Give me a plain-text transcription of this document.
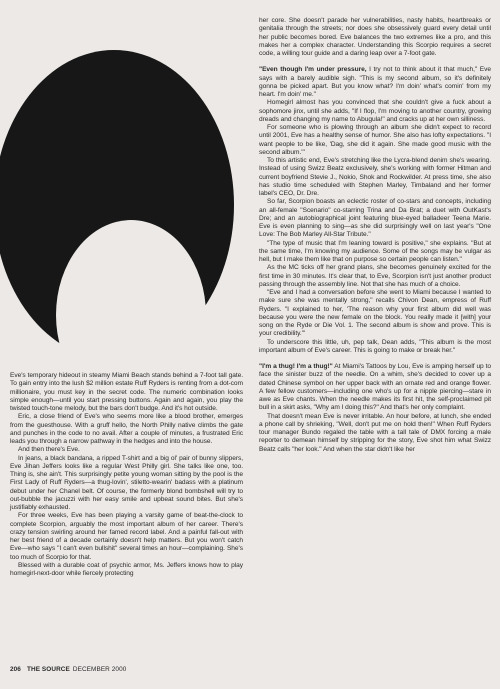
Eve's temporary hideout in steamy Miami Beach stands behind a 7-foot tall gate. To gain entry into the lush $2 million estate Ruff Ryders is renting from a dot-com millionaire, you must key in the secret code. The numeric combination looks simple enough—until you start pressing buttons. Again and again, you play the twisted touch-tone melody, but the bars don't budge. And it's hot outside.

Eric, a close friend of Eve's who seems more like a blood brother, emerges from the guesthouse. With a gruff hello, the North Philly native climbs the gate and punches in the code to no avail. After a couple of minutes, a frustrated Eric leads you through a narrow pathway in the hedges and into the house.

And then there's Eve.

In jeans, a black bandana, a ripped T-shirt and a big ol' pair of bunny slippers, Eve Jihan Jeffers looks like a regular West Philly girl. She talks like one, too. Thing is, she ain't. This surprisingly petite young woman sitting by the pool is the First Lady of Ruff Ryders—a thug-lovin', stiletto-wearin' badass with a platinum debut under her Chanel belt. Of course, the formerly blond bombshell will try to out-bubble the jacuzzi with her easy smile and upbeat sound bites. But she's justifiably exhausted.

For three weeks, Eve has been playing a varsity game of beat-the-clock to complete Scorpion, arguably the most important album of her career. There's crazy tension swirling around her famed record label. And a painful fall-out with her best friend of a decade certainly doesn't help matters. But you won't catch Eve—who says "I can't even bullshit" several times an hour—complaining. She's too much of Scorpio for that.

Blessed with a durable coat of psychic armor, Ms. Jeffers knows how to play homegirl-next-door while fiercely protecting

her core. She doesn't parade her vulnerabilities, nasty habits, heartbreaks or genitalia through the streets; nor does she obsessively guard every detail until her public becomes bored. Eve balances the two extremes like a pro, and this makes her a complex character. Understanding this Scorpio requires a secret code, a willing tour guide and a daring leap over a 7-foot gate.

"Even though I'm under pressure, I try not to think about it that much," Eve says with a barely audible sigh. "This is my second album, so it's definitely gonna be picked apart. But you know what? I'm doin' what's comin' from my heart. I'm doin' me."

Homegirl almost has you convinced that she couldn't give a fuck about a sophomore jinx, until she adds, "If I flop, I'm moving to another country, growing dreads and changing my name to Abugula!" and cracks up at her own silliness.

For someone who is plowing through an album she didn't expect to record until 2001, Eve has a healthy sense of humor. She also has lofty expectations. "I want people to be like, 'Dag, she did it again. She made good music with the second album.'"

To this artistic end, Eve's stretching like the Lycra-blend denim she's wearing. Instead of using Swizz Beatz exclusively, she's working with former Hitman and current boyfriend Stevie J., Nokio, Shok and Rockwilder. At press time, she also has studio time scheduled with Stephen Marley, Timbaland and her former label's CEO, Dr. Dre.

So far, Scorpion boasts an eclectic roster of co-stars and concepts, including an all-female "Scenario" co-starring Trina and Da Brat; a duet with OutKast's Dre; and an autobiographical joint featuring blue-eyed balladeer Teena Marie. Eve is even planning to sing—as she did surprisingly well on last year's "One Love: The Bob Marley All-Star Tribute."

"The type of music that I'm leaning toward is positive," she explains. "But at the same time, I'm knowing my audience. Some of the songs may be vulgar as hell, but I make them like that on purpose so certain people can listen."

As the MC ticks off her grand plans, she becomes genuinely excited for the first time in 30 minutes. It's clear that, to Eve, Scorpion isn't just another product passing through the assembly line. Not that she has much of a choice.

"Eve and I had a conversation before she went to Miami because I wanted to make sure she was mentally strong," recalls Chivon Dean, empress of Ruff Ryders. "I explained to her, 'The reason why your first album did well was because you were the new female on the block. You really made it [with] your song on the Ryde or Die Vol. 1. The second album is show and prove. This is your credibility.'"

To underscore this little, uh, pep talk, Dean adds, "This album is the most important album of Eve's career. This is going to make or break her."

"I'm a thug! I'm a thug!" At Miami's Tattoos by Lou, Eve is amping herself up to face the sinister buzz of the needle. On a whim, she's decided to cover up a dated Chinese symbol on her upper back with an ornate red and orange flower. A few fellow customers—including one who's up for a nipple piercing—stare in awe as Eve chants. When the needle makes its first hit, the self-proclaimed pit bull in a skirt asks, "Why am I doing this?" And that's her only complaint.

That doesn't mean Eve is never irritable. An hour before, at lunch, she ended a phone call by shrieking, "Well, don't put me on hold then!" When Ruff Ryders tour manager Bundo regaled the table with a tall tale of DMX forcing a male reporter to demean himself by stripping for the story, Eve shot him what Swizz Beatz calls "her look." And when the star didn't like her

206 THE SOURCE DECEMBER 2000
